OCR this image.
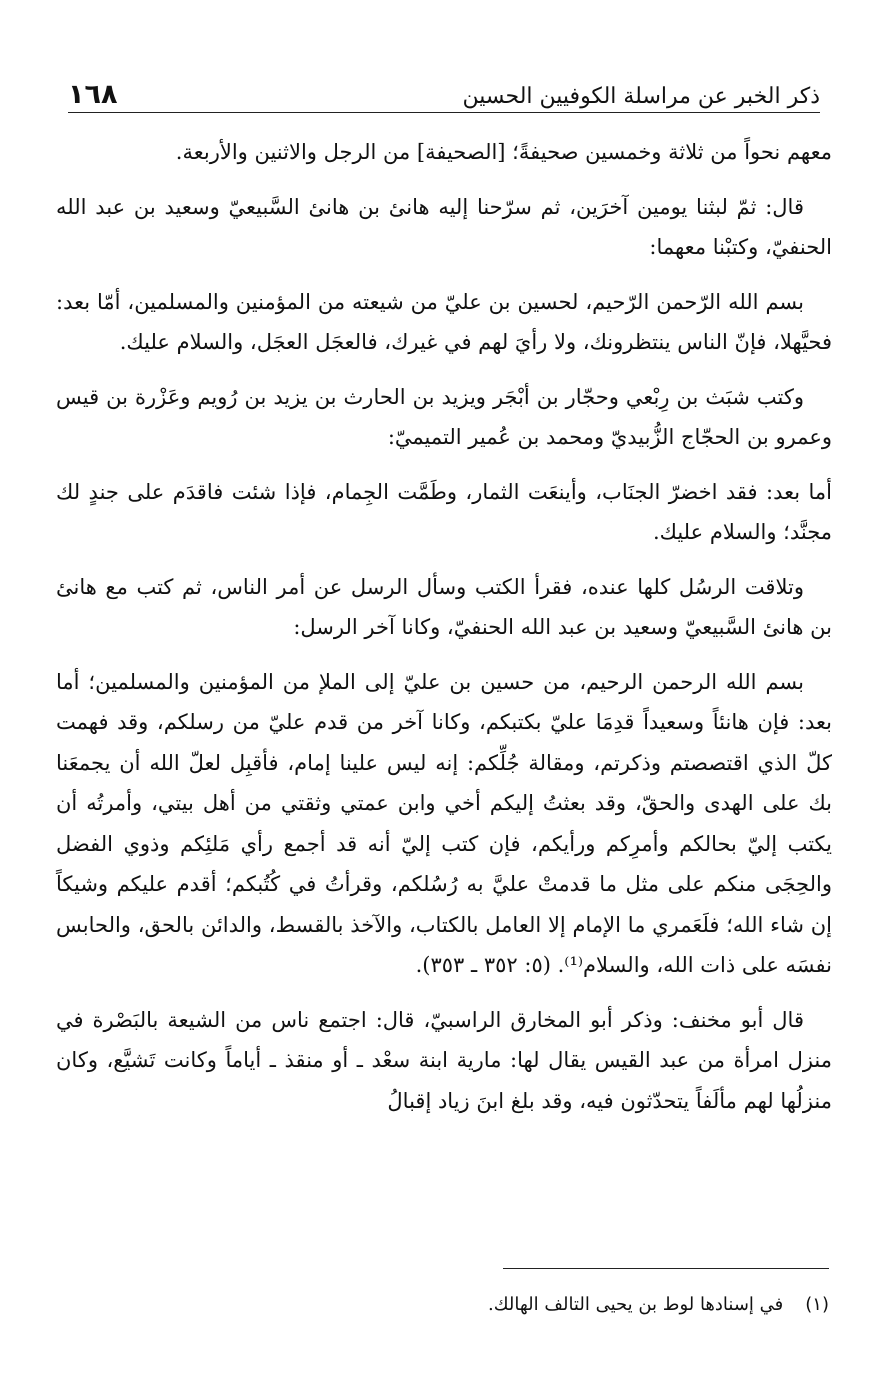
ذكر الخبر عن مراسلة الكوفيين الحسين
١٦٨

معهم نحواً من ثلاثة وخمسين صحيفةً؛ [الصحيفة] من الرجل والاثنين والأربعة.

قال: ثمّ لبثنا يومين آخرَين، ثم سرّحنا إليه هانئ بن هانئ السَّبيعيّ وسعيد بن عبد الله الحنفيّ، وكتبْنا معهما:

بسم الله الرّحمن الرّحيم، لحسين بن عليّ من شيعته من المؤمنين والمسلمين، أمّا بعد: فحيَّهلا، فإنّ الناس ينتظرونك، ولا رأيَ لهم في غيرك، فالعجَل العجَل، والسلام عليك.

وكتب شبَث بن رِبْعي وحجّار بن أبْجَر ويزيد بن الحارث بن يزيد بن رُويم وعَزْرة بن قيس وعمرو بن الحجّاج الزُّبيديّ ومحمد بن عُمير التميميّ:

أما بعد: فقد اخضرّ الجنَاب، وأينعَت الثمار، وطَمَّت الجِمام، فإذا شئت فاقدَم على جندٍ لك مجنَّد؛ والسلام عليك.

وتلاقت الرسُل كلها عنده، فقرأ الكتب وسأل الرسل عن أمر الناس، ثم كتب مع هانئ بن هانئ السَّبيعيّ وسعيد بن عبد الله الحنفيّ، وكانا آخر الرسل:

بسم الله الرحمن الرحيم، من حسين بن عليّ إلى الملإ من المؤمنين والمسلمين؛ أما بعد: فإن هانئاً وسعيداً قدِمَا عليّ بكتبكم، وكانا آخر من قدم عليّ من رسلكم، وقد فهمت كلّ الذي اقتصصتم وذكرتم، ومقالة جُلِّكم: إنه ليس علينا إمام، فأقبِل لعلّ الله أن يجمعَنا بك على الهدى والحقّ، وقد بعثتُ إليكم أخي وابن عمتي وثقتي من أهل بيتي، وأمرتُه أن يكتب إليّ بحالكم وأمرِكم ورأيكم، فإن كتب إليّ أنه قد أجمع رأي مَلئِكم وذوي الفضل والحِجَى منكم على مثل ما قدمتْ عليَّ به رُسُلكم، وقرأتُ في كُتُبكم؛ أقدم عليكم وشيكاً إن شاء الله؛ فلَعَمري ما الإمام إلا العامل بالكتاب، والآخذ بالقسط، والدائن بالحق، والحابس نفسَه على ذات الله، والسلام⁽¹⁾. (٥: ٣٥٢ ـ ٣٥٣).

قال أبو مخنف: وذكر أبو المخارق الراسبيّ، قال: اجتمع ناس من الشيعة بالبَصْرة في منزل امرأة من عبد القيس يقال لها: مارية ابنة سعْد ـ أو منقذ ـ أياماً وكانت تَشيَّع، وكان منزلُها لهم مألَفاً يتحدّثون فيه، وقد بلغ ابنَ زياد إقبالُ

(١)
في إسنادها لوط بن يحيى التالف الهالك.
